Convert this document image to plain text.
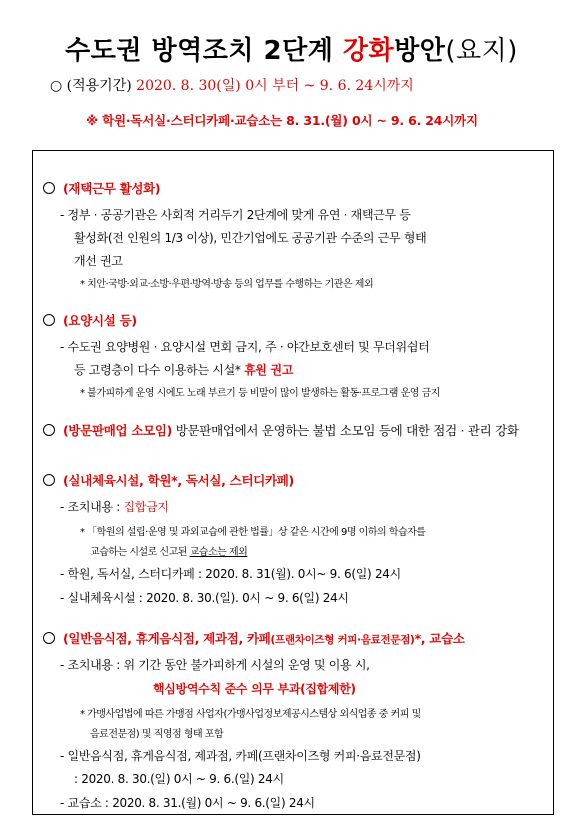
수도권 방역조치 2단계 강화방안(요지)
○ (적용기간) 2020. 8. 30(일) 0시 부터 ~ 9. 6. 24시까지
※ 학원·독서실·스터디카페·교습소는 8. 31.(월) 0시 ~ 9. 6. 24시까지
(재택근무 활성화)
- 정부 · 공공기관은 사회적 거리두기 2단계에 맞게 유연 · 재택근무 등
활성화(전 인원의 1/3 이상), 민간기업에도 공공기관 수준의 근무 형태
개선 권고
* 치안·국방·외교·소방·우편·방역·방송 등의 업무를 수행하는 기관은 제외
(요양시설 등)
- 수도권 요양병원 · 요양시설 면회 금지, 주 · 야간보호센터 및 무더위쉼터
등 고령층이 다수 이용하는 시설* 휴원 권고
* 불가피하게 운영 시에도 노래 부르기 등 비말이 많이 발생하는 활동·프로그램 운영 금지
(방문판매업 소모임) 방문판매업에서 운영하는 불법 소모임 등에 대한 점검 · 관리 강화
(실내체육시설, 학원*, 독서실, 스터디카페)
- 조치내용 : 집합금지
* 「학원의 설립·운영 및 과외교습에 관한 법률」상 같은 시간에 9명 이하의 학습자를
교습하는 시설로 신고된 교습소는 제외
- 학원, 독서실, 스터디카페 : 2020. 8. 31(월). 0시~ 9. 6(일) 24시
- 실내체육시설 : 2020. 8. 30.(일). 0시 ~ 9. 6(일) 24시
(일반음식점, 휴게음식점, 제과점, 카페(프랜차이즈형 커피·음료전문점)*, 교습소
- 조치내용 : 위 기간 동안 불가피하게 시설의 운영 및 이용 시,
핵심방역수칙 준수 의무 부과(집합제한)
* 가맹사업법에 따른 가맹점 사업자(가맹사업정보제공시스템상 외식업종 중 커피 및
음료전문점) 및 직영점 형태 포함
- 일반음식점, 휴게음식점, 제과점, 카페(프랜차이즈형 커피·음료전문점)
: 2020. 8. 30.(일) 0시 ~ 9. 6.(일) 24시
- 교습소 : 2020. 8. 31.(월) 0시 ~ 9. 6.(일) 24시
